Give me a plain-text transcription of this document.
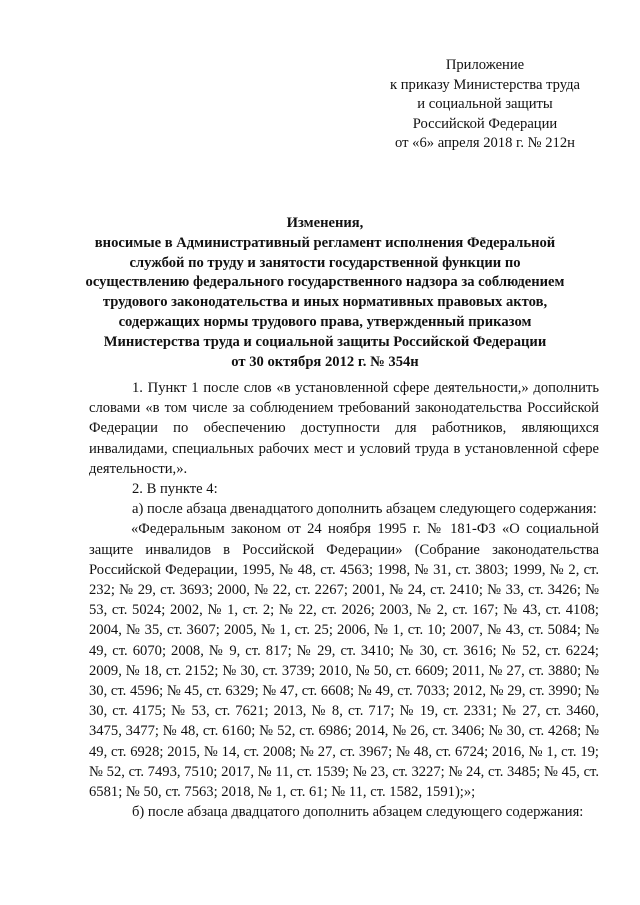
Приложение
к приказу Министерства труда
и социальной защиты
Российской Федерации
от «6» апреля 2018 г. № 212н
Изменения,
вносимые в Административный регламент исполнения Федеральной
службой по труду и занятости государственной функции по
осуществлению федерального государственного надзора за соблюдением
трудового законодательства и иных нормативных правовых актов,
содержащих нормы трудового права, утвержденный приказом
Министерства труда и социальной защиты Российской Федерации
от 30 октября 2012 г. № 354н

1. Пункт 1 после слов «в установленной сфере деятельности,» дополнить словами «в том числе за соблюдением требований законодательства Российской Федерации по обеспечению доступности для работников, являющихся инвалидами, специальных рабочих мест и условий труда в установленной сфере деятельности,».

2. В пункте 4:

а) после абзаца двенадцатого дополнить абзацем следующего содержания:

«Федеральным законом от 24 ноября 1995 г. № 181-ФЗ «О социальной защите инвалидов в Российской Федерации» (Собрание законодательства Российской Федерации, 1995, № 48, ст. 4563; 1998, № 31, ст. 3803; 1999, № 2, ст. 232; № 29, ст. 3693; 2000, № 22, ст. 2267; 2001, № 24, ст. 2410; № 33, ст. 3426; № 53, ст. 5024; 2002, № 1, ст. 2; № 22, ст. 2026; 2003, № 2, ст. 167; № 43, ст. 4108; 2004, № 35, ст. 3607; 2005, № 1, ст. 25; 2006, № 1, ст. 10; 2007, № 43, ст. 5084; № 49, ст. 6070; 2008, № 9, ст. 817; № 29, ст. 3410; № 30, ст. 3616; № 52, ст. 6224; 2009, № 18, ст. 2152; № 30, ст. 3739; 2010, № 50, ст. 6609; 2011, № 27, ст. 3880; № 30, ст. 4596; № 45, ст. 6329; № 47, ст. 6608; № 49, ст. 7033; 2012, № 29, ст. 3990; № 30, ст. 4175; № 53, ст. 7621; 2013, № 8, ст. 717; № 19, ст. 2331; № 27, ст. 3460, 3475, 3477; № 48, ст. 6160; № 52, ст. 6986; 2014, № 26, ст. 3406; № 30, ст. 4268; № 49, ст. 6928; 2015, № 14, ст. 2008; № 27, ст. 3967; № 48, ст. 6724; 2016, № 1, ст. 19; № 52, ст. 7493, 7510; 2017, № 11, ст. 1539; № 23, ст. 3227; № 24, ст. 3485; № 45, ст. 6581; № 50, ст. 7563; 2018, № 1, ст. 61; № 11, ст. 1582, 1591);»;

б) после абзаца двадцатого дополнить абзацем следующего содержания:
